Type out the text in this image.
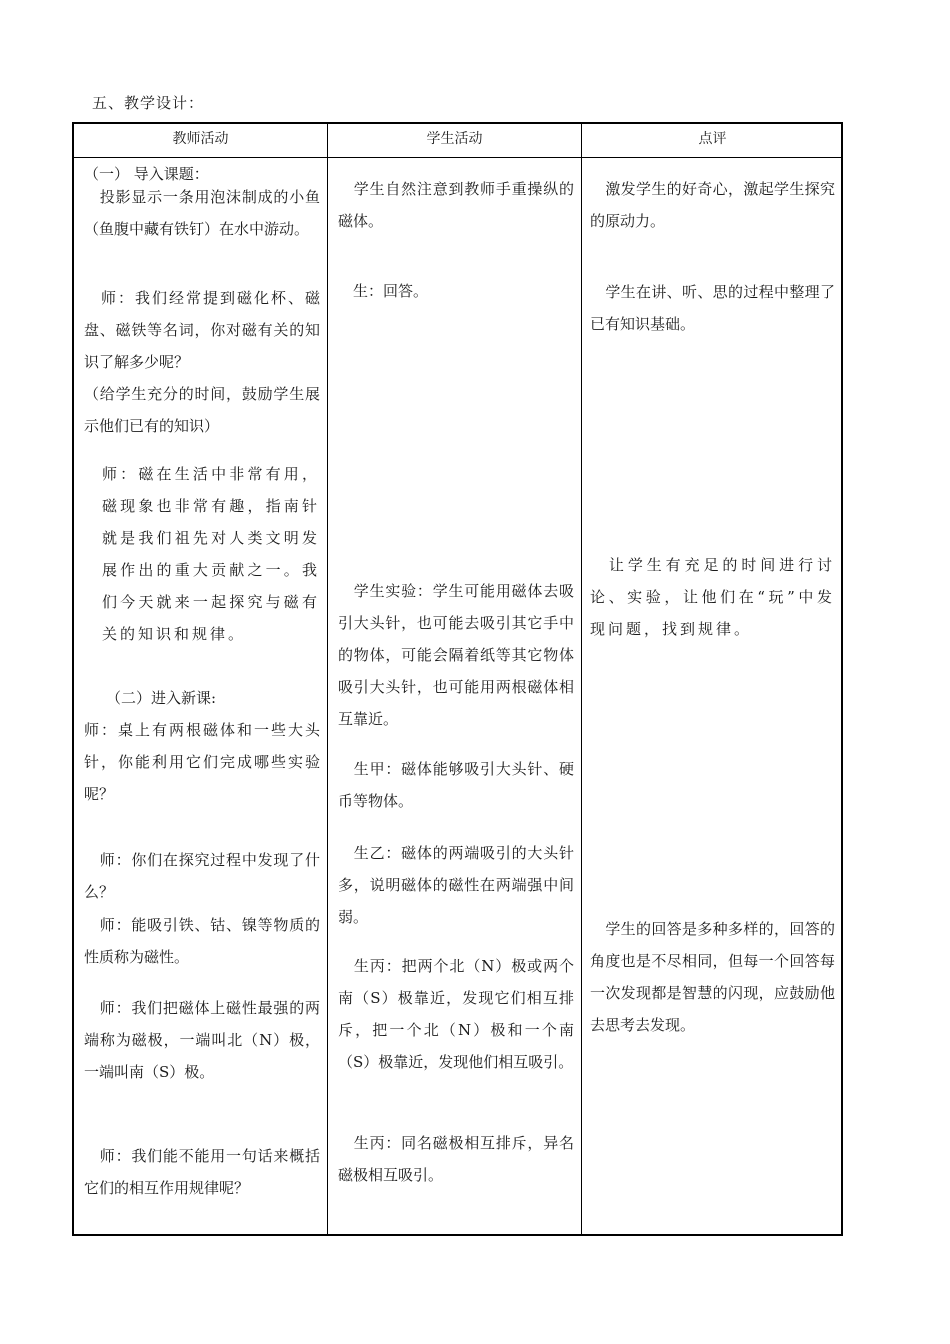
五、教学设计：
教师活动	学生活动	点评

（一） 导入课题：

　投影显示一条用泡沫制成的小鱼（鱼腹中藏有铁钉）在水中游动。

　师：我们经常提到磁化杯、磁盘、磁铁等名词，你对磁有关的知识了解多少呢？

（给学生充分的时间，鼓励学生展示他们已有的知识）

师：磁在生活中非常有用，磁现象也非常有趣，指南针就是我们祖先对人类文明发展作出的重大贡献之一。我们今天就来一起探究与磁有关的知识和规律。

（二）进入新课:

师：桌上有两根磁体和一些大头针，你能利用它们完成哪些实验呢？

　师：你们在探究过程中发现了什么？

　师：能吸引铁、钴、镍等物质的性质称为磁性。

　师：我们把磁体上磁性最强的两端称为磁极，一端叫北（N）极，一端叫南（S）极。

　师：我们能不能用一句话来概括它们的相互作用规律呢？

　学生自然注意到教师手重操纵的磁体。

　生：回答。

　学生实验：学生可能用磁体去吸引大头针，也可能去吸引其它手中的物体，可能会隔着纸等其它物体吸引大头针，也可能用两根磁体相互靠近。

　生甲：磁体能够吸引大头针、硬币等物体。

　生乙：磁体的两端吸引的大头针多，说明磁体的磁性在两端强中间弱。

　生丙：把两个北（N）极或两个南（S）极靠近，发现它们相互排斥，把一个北（N）极和一个南（S）极靠近，发现他们相互吸引。

　生丙：同名磁极相互排斥，异名磁极相互吸引。

　激发学生的好奇心，激起学生探究的原动力。

　学生在讲、听、思的过程中整理了已有知识基础。

　让学生有充足的时间进行讨论、实验，让他们在“玩”中发现问题，找到规律。

　学生的回答是多种多样的，回答的角度也是不尽相同，但每一个回答每一次发现都是智慧的闪现，应鼓励他去思考去发现。
